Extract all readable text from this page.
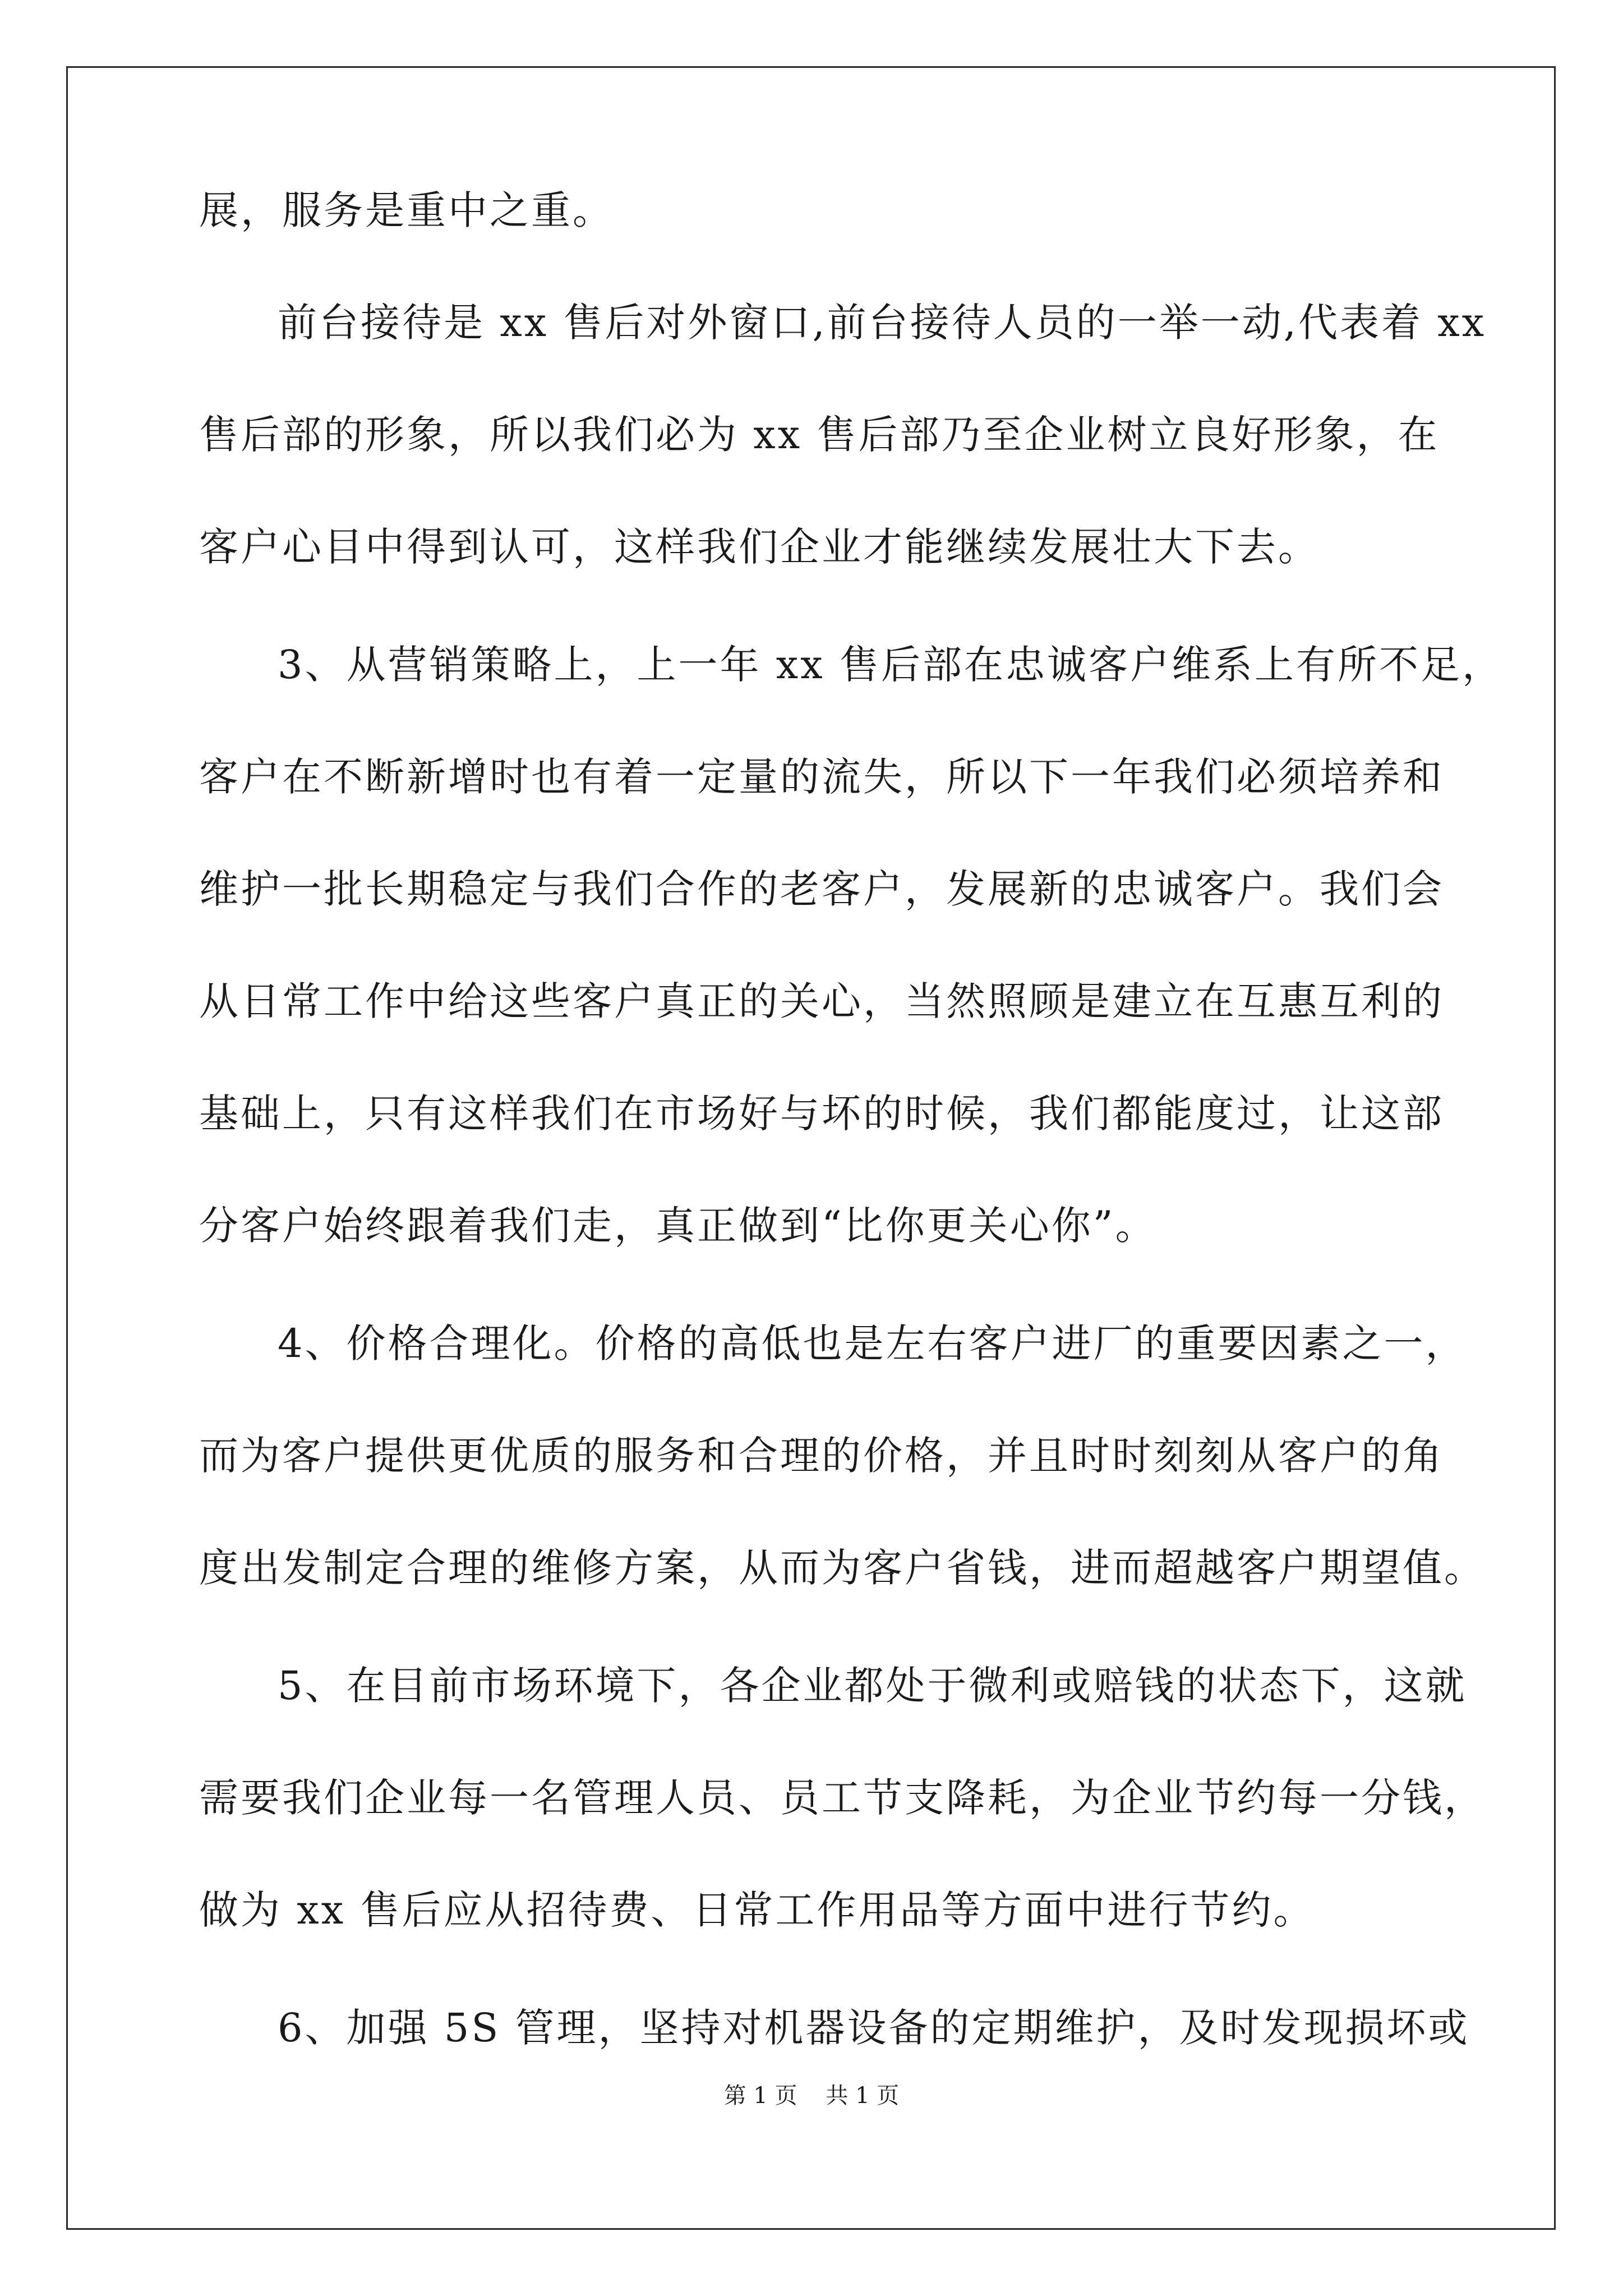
展，服务是重中之重。
前台接待是 xx 售后对外窗口,前台接待人员的一举一动,代表着 xx
售后部的形象，所以我们必为 xx 售后部乃至企业树立良好形象，在
客户心目中得到认可，这样我们企业才能继续发展壮大下去。
3、从营销策略上，上一年 xx 售后部在忠诚客户维系上有所不足，
客户在不断新增时也有着一定量的流失，所以下一年我们必须培养和
维护一批长期稳定与我们合作的老客户，发展新的忠诚客户。我们会
从日常工作中给这些客户真正的关心，当然照顾是建立在互惠互利的
基础上，只有这样我们在市场好与坏的时候，我们都能度过，让这部
分客户始终跟着我们走，真正做到“比你更关心你”。
4、价格合理化。价格的高低也是左右客户进厂的重要因素之一，
而为客户提供更优质的服务和合理的价格，并且时时刻刻从客户的角
度出发制定合理的维修方案，从而为客户省钱，进而超越客户期望值。
5、在目前市场环境下，各企业都处于微利或赔钱的状态下，这就
需要我们企业每一名管理人员、员工节支降耗，为企业节约每一分钱，
做为 xx 售后应从招待费、日常工作用品等方面中进行节约。
6、加强 5S 管理，坚持对机器设备的定期维护，及时发现损坏或
第 1 页    共 1 页
